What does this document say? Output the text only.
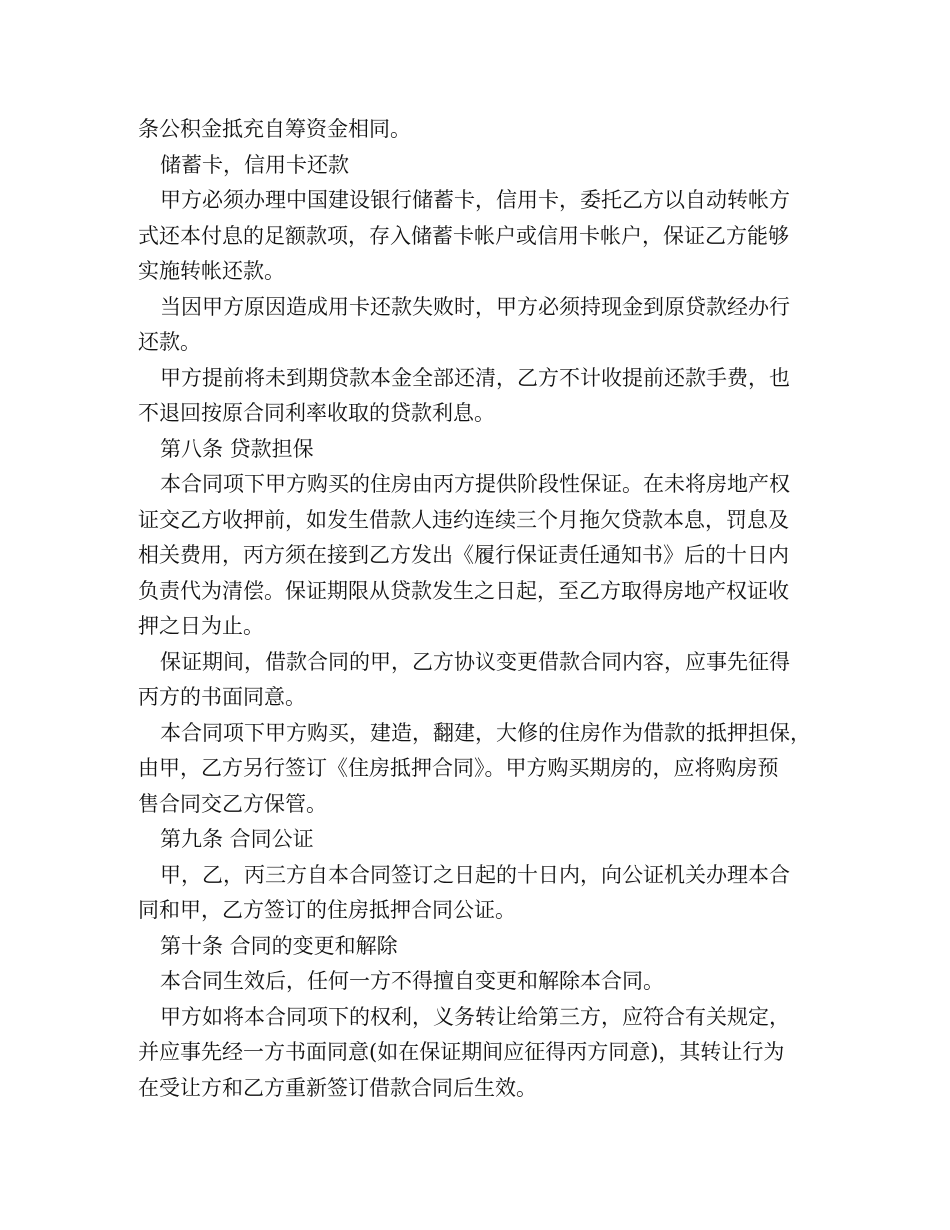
条公积金抵充自筹资金相同。
储蓄卡，信用卡还款
甲方必须办理中国建设银行储蓄卡，信用卡，委托乙方以自动转帐方
式还本付息的足额款项，存入储蓄卡帐户或信用卡帐户，保证乙方能够
实施转帐还款。
当因甲方原因造成用卡还款失败时，甲方必须持现金到原贷款经办行
还款。
甲方提前将未到期贷款本金全部还清，乙方不计收提前还款手费，也
不退回按原合同利率收取的贷款利息。
第八条 贷款担保
本合同项下甲方购买的住房由丙方提供阶段性保证。在未将房地产权
证交乙方收押前，如发生借款人违约连续三个月拖欠贷款本息，罚息及
相关费用，丙方须在接到乙方发出《履行保证责任通知书》后的十日内
负责代为清偿。保证期限从贷款发生之日起，至乙方取得房地产权证收
押之日为止。
保证期间，借款合同的甲，乙方协议变更借款合同内容，应事先征得
丙方的书面同意。
本合同项下甲方购买，建造，翻建，大修的住房作为借款的抵押担保，
由甲，乙方另行签订《住房抵押合同》。甲方购买期房的，应将购房预
售合同交乙方保管。
第九条 合同公证
甲，乙，丙三方自本合同签订之日起的十日内，向公证机关办理本合
同和甲，乙方签订的住房抵押合同公证。
第十条 合同的变更和解除
本合同生效后，任何一方不得擅自变更和解除本合同。
甲方如将本合同项下的权利，义务转让给第三方，应符合有关规定，
并应事先经一方书面同意(如在保证期间应征得丙方同意)，其转让行为
在受让方和乙方重新签订借款合同后生效。
